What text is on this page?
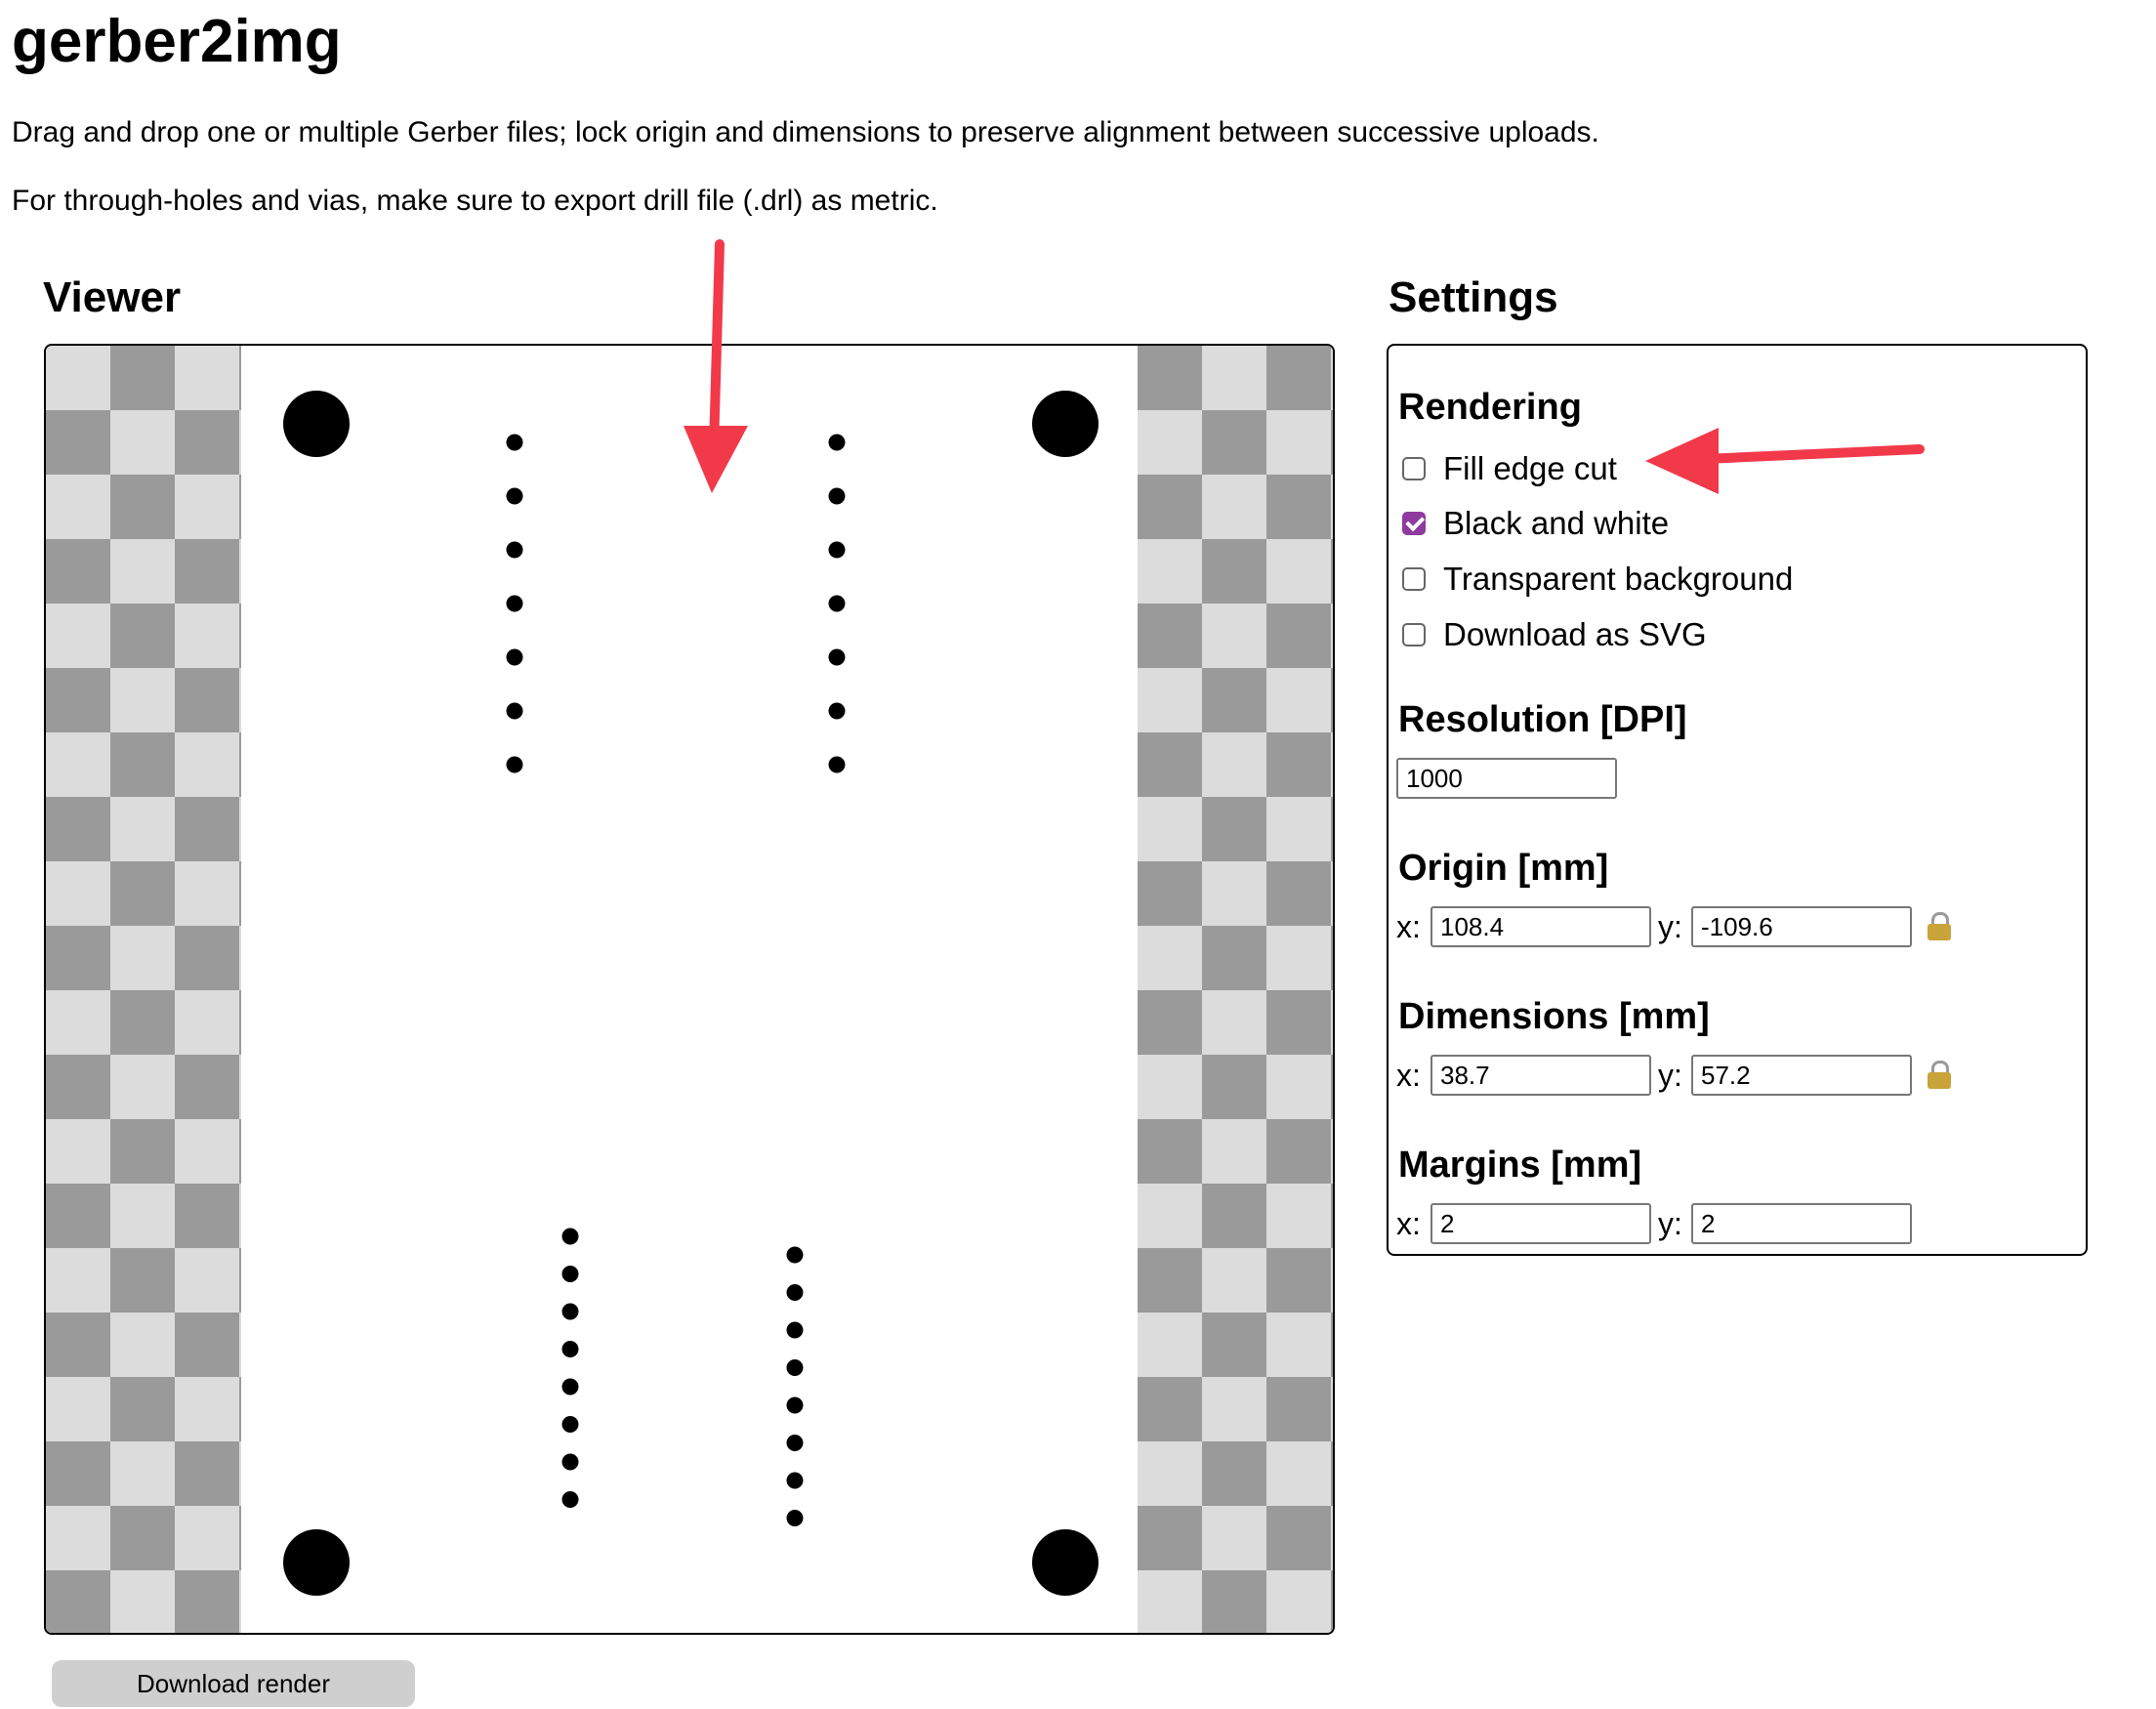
gerber2img

Drag and drop one or multiple Gerber files; lock origin and dimensions to preserve alignment between successive uploads.

For through-holes and vias, make sure to export drill file (.drl) as metric.

Viewer
Download render
Settings
Rendering
Fill edge cut
Black and white
Transparent background
Download as SVG
Resolution [DPI]
1000
Origin [mm]
x: 108.4	y: -109.6
Dimensions [mm]
x: 38.7	y: 57.2
Margins [mm]
x: 2	y: 2
